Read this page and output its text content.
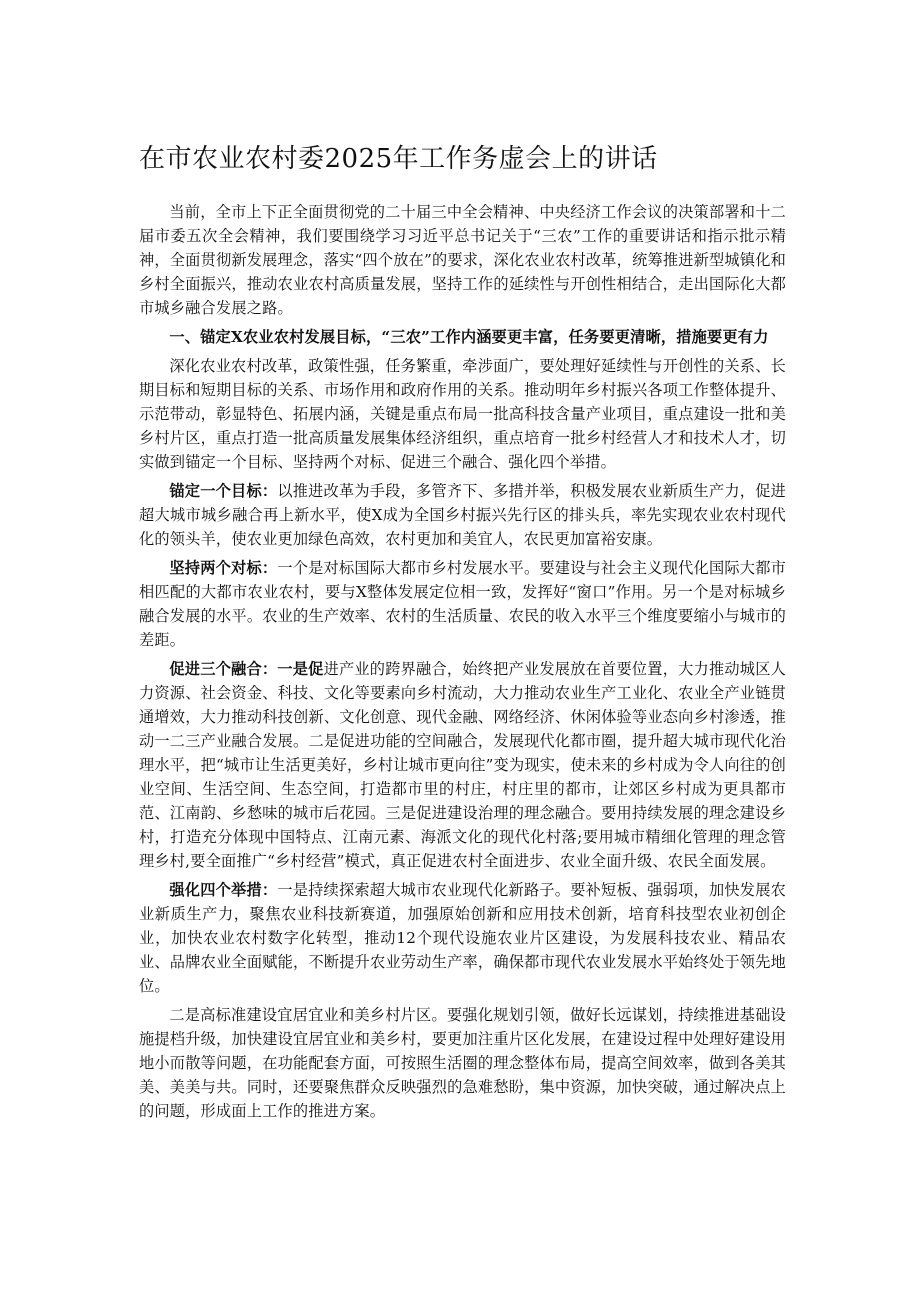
在市农业农村委2025年工作务虚会上的讲话

当前，全市上下正全面贯彻党的二十届三中全会精神、中央经济工作会议的决策部署和十二届市委五次全会精神，我们要围绕学习习近平总书记关于“三农”工作的重要讲话和指示批示精神，全面贯彻新发展理念，落实“四个放在”的要求，深化农业农村改革，统筹推进新型城镇化和乡村全面振兴，推动农业农村高质量发展，坚持工作的延续性与开创性相结合，走出国际化大都市城乡融合发展之路。

一、锚定X农业农村发展目标，“三农”工作内涵要更丰富，任务要更清晰，措施要更有力

深化农业农村改革，政策性强，任务繁重，牵涉面广，要处理好延续性与开创性的关系、长期目标和短期目标的关系、市场作用和政府作用的关系。推动明年乡村振兴各项工作整体提升、示范带动，彰显特色、拓展内涵，关键是重点布局一批高科技含量产业项目，重点建设一批和美乡村片区，重点打造一批高质量发展集体经济组织，重点培育一批乡村经营人才和技术人才，切实做到锚定一个目标、坚持两个对标、促进三个融合、强化四个举措。

锚定一个目标：以推进改革为手段，多管齐下、多措并举，积极发展农业新质生产力，促进超大城市城乡融合再上新水平，使X成为全国乡村振兴先行区的排头兵，率先实现农业农村现代化的领头羊，使农业更加绿色高效，农村更加和美宜人，农民更加富裕安康。

坚持两个对标：一个是对标国际大都市乡村发展水平。要建设与社会主义现代化国际大都市相匹配的大都市农业农村，要与X整体发展定位相一致，发挥好“窗口”作用。另一个是对标城乡融合发展的水平。农业的生产效率、农村的生活质量、农民的收入水平三个维度要缩小与城市的差距。

促进三个融合：一是促进产业的跨界融合，始终把产业发展放在首要位置，大力推动城区人力资源、社会资金、科技、文化等要素向乡村流动，大力推动农业生产工业化、农业全产业链贯通增效，大力推动科技创新、文化创意、现代金融、网络经济、休闲体验等业态向乡村渗透，推动一二三产业融合发展。二是促进功能的空间融合，发展现代化都市圈，提升超大城市现代化治理水平，把“城市让生活更美好，乡村让城市更向往”变为现实，使未来的乡村成为令人向往的创业空间、生活空间、生态空间，打造都市里的村庄，村庄里的都市，让郊区乡村成为更具都市范、江南韵、乡愁味的城市后花园。三是促进建设治理的理念融合。要用持续发展的理念建设乡村，打造充分体现中国特点、江南元素、海派文化的现代化村落;要用城市精细化管理的理念管理乡村,要全面推广“乡村经营”模式，真正促进农村全面进步、农业全面升级、农民全面发展。

强化四个举措：一是持续探索超大城市农业现代化新路子。要补短板、强弱项，加快发展农业新质生产力，聚焦农业科技新赛道，加强原始创新和应用技术创新，培育科技型农业初创企业，加快农业农村数字化转型，推动12个现代设施农业片区建设，为发展科技农业、精品农业、品牌农业全面赋能，不断提升农业劳动生产率，确保都市现代农业发展水平始终处于领先地位。

二是高标准建设宜居宜业和美乡村片区。要强化规划引领，做好长远谋划，持续推进基础设施提档升级，加快建设宜居宜业和美乡村，要更加注重片区化发展，在建设过程中处理好建设用地小而散等问题，在功能配套方面，可按照生活圈的理念整体布局，提高空间效率，做到各美其美、美美与共。同时，还要聚焦群众反映强烈的急难愁盼，集中资源，加快突破，通过解决点上的问题，形成面上工作的推进方案。
